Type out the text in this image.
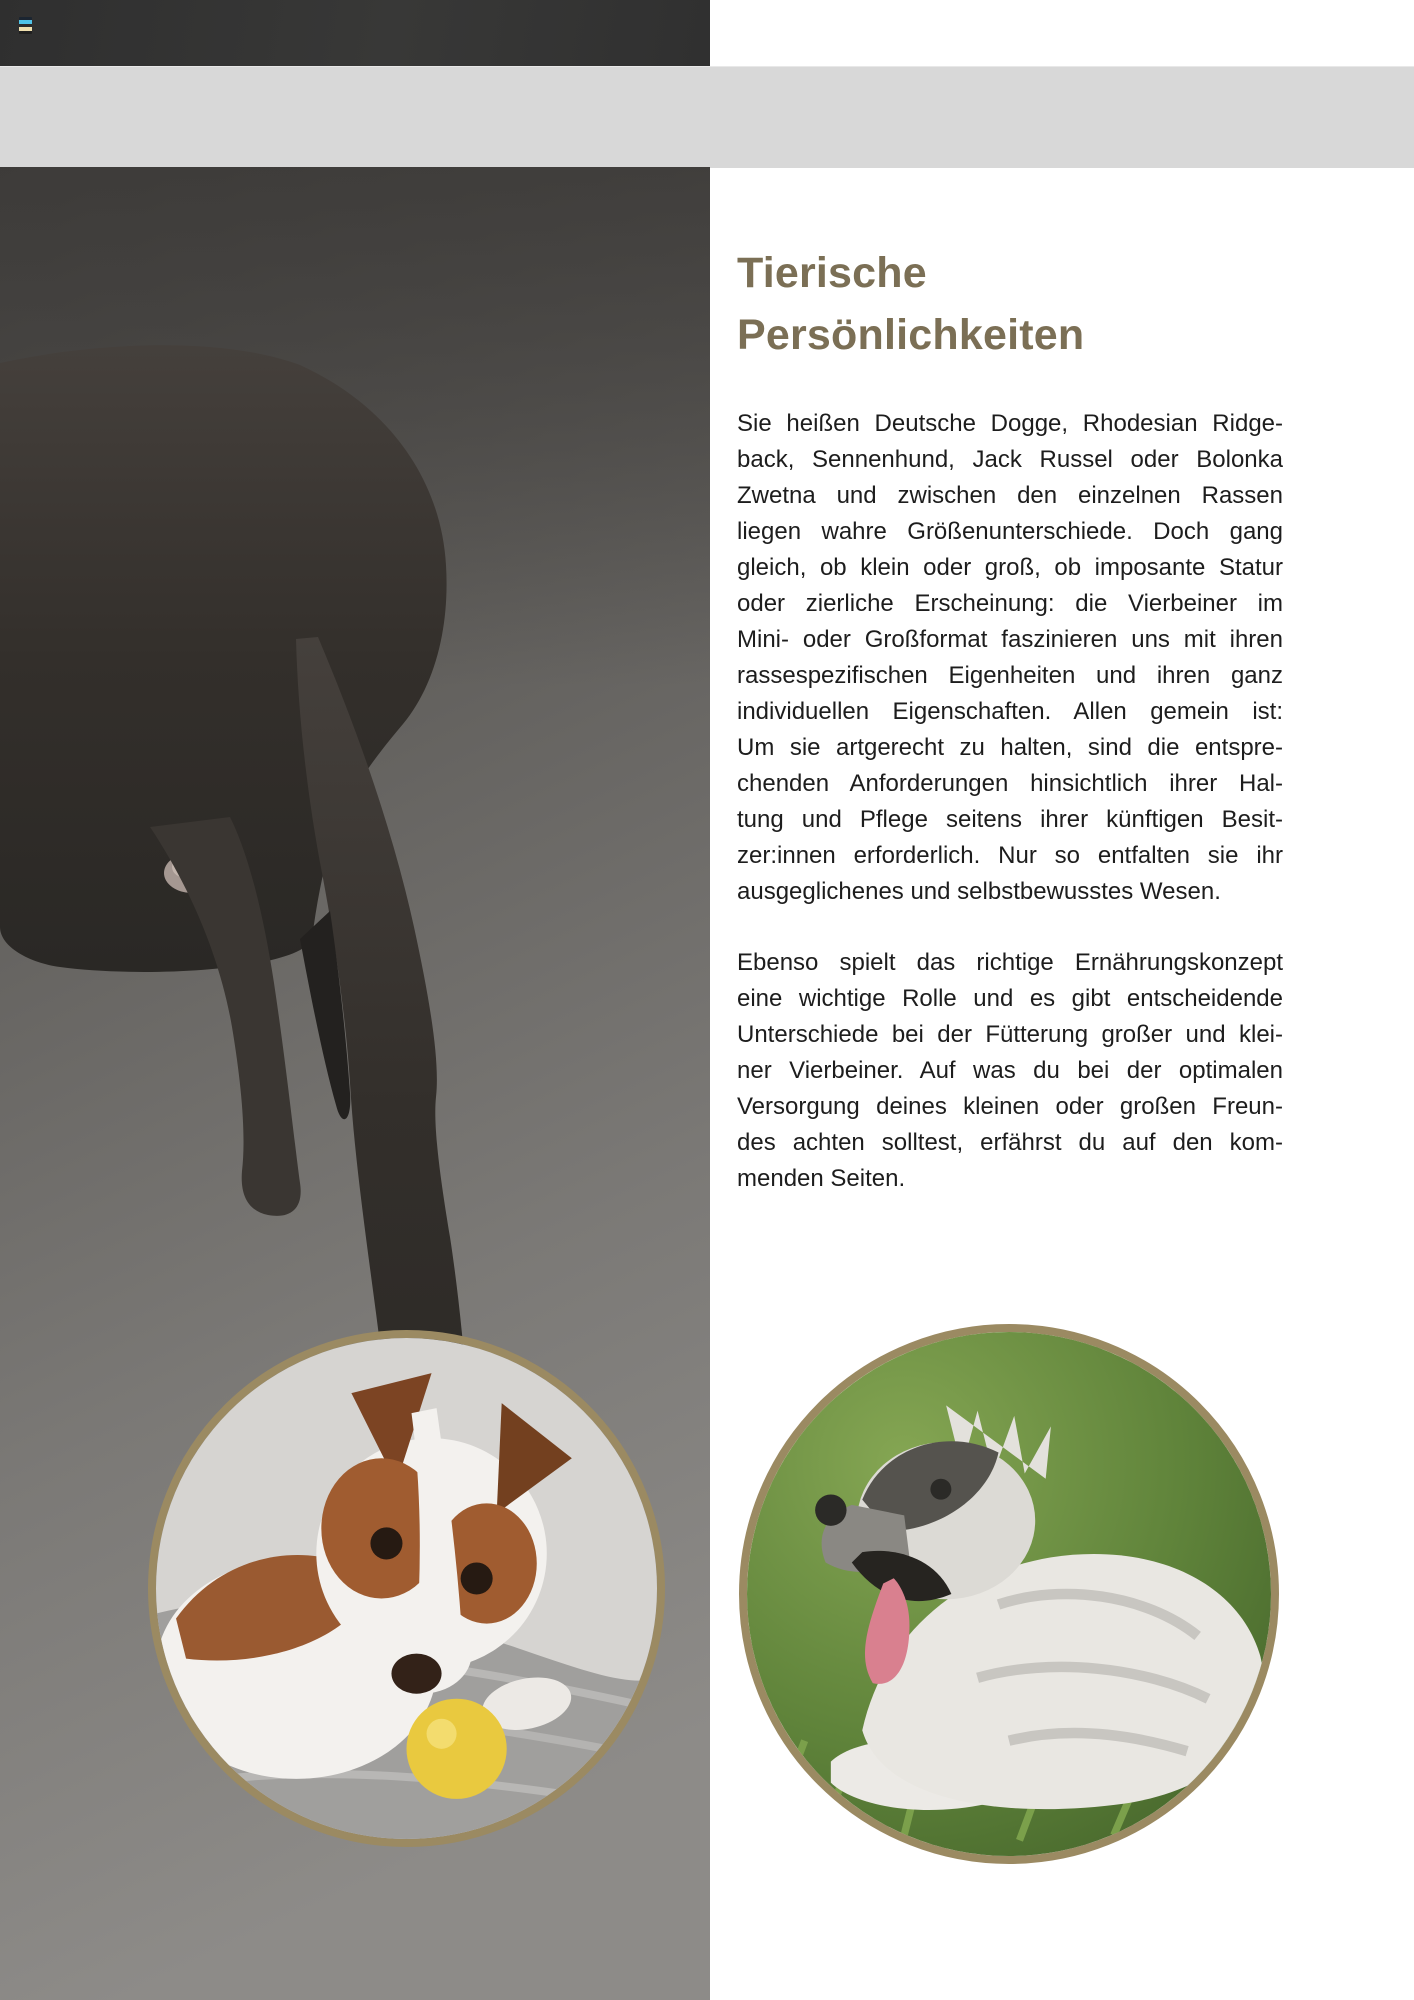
Tierische
Persönlichkeiten
Sie heißen Deutsche Dogge, Rhodesian Ridge-
back, Sennenhund, Jack Russel oder Bolonka
Zwetna und zwischen den einzelnen Rassen
liegen wahre Größenunterschiede. Doch gang
gleich, ob klein oder groß, ob imposante Statur
oder zierliche Erscheinung: die Vierbeiner im
Mini- oder Großformat faszinieren uns mit ihren
rassespezifischen Eigenheiten und ihren ganz
individuellen Eigenschaften. Allen gemein ist:
Um sie artgerecht zu halten, sind die entspre-
chenden Anforderungen hinsichtlich ihrer Hal-
tung und Pflege seitens ihrer künftigen Besit-
zer:innen erforderlich. Nur so entfalten sie ihr
ausgeglichenes und selbstbewusstes Wesen.
Ebenso spielt das richtige Ernährungskonzept
eine wichtige Rolle und es gibt entscheidende
Unterschiede bei der Fütterung großer und klei-
ner Vierbeiner. Auf was du bei der optimalen
Versorgung deines kleinen oder großen Freun-
des achten solltest, erfährst du auf den kom-
menden Seiten.
